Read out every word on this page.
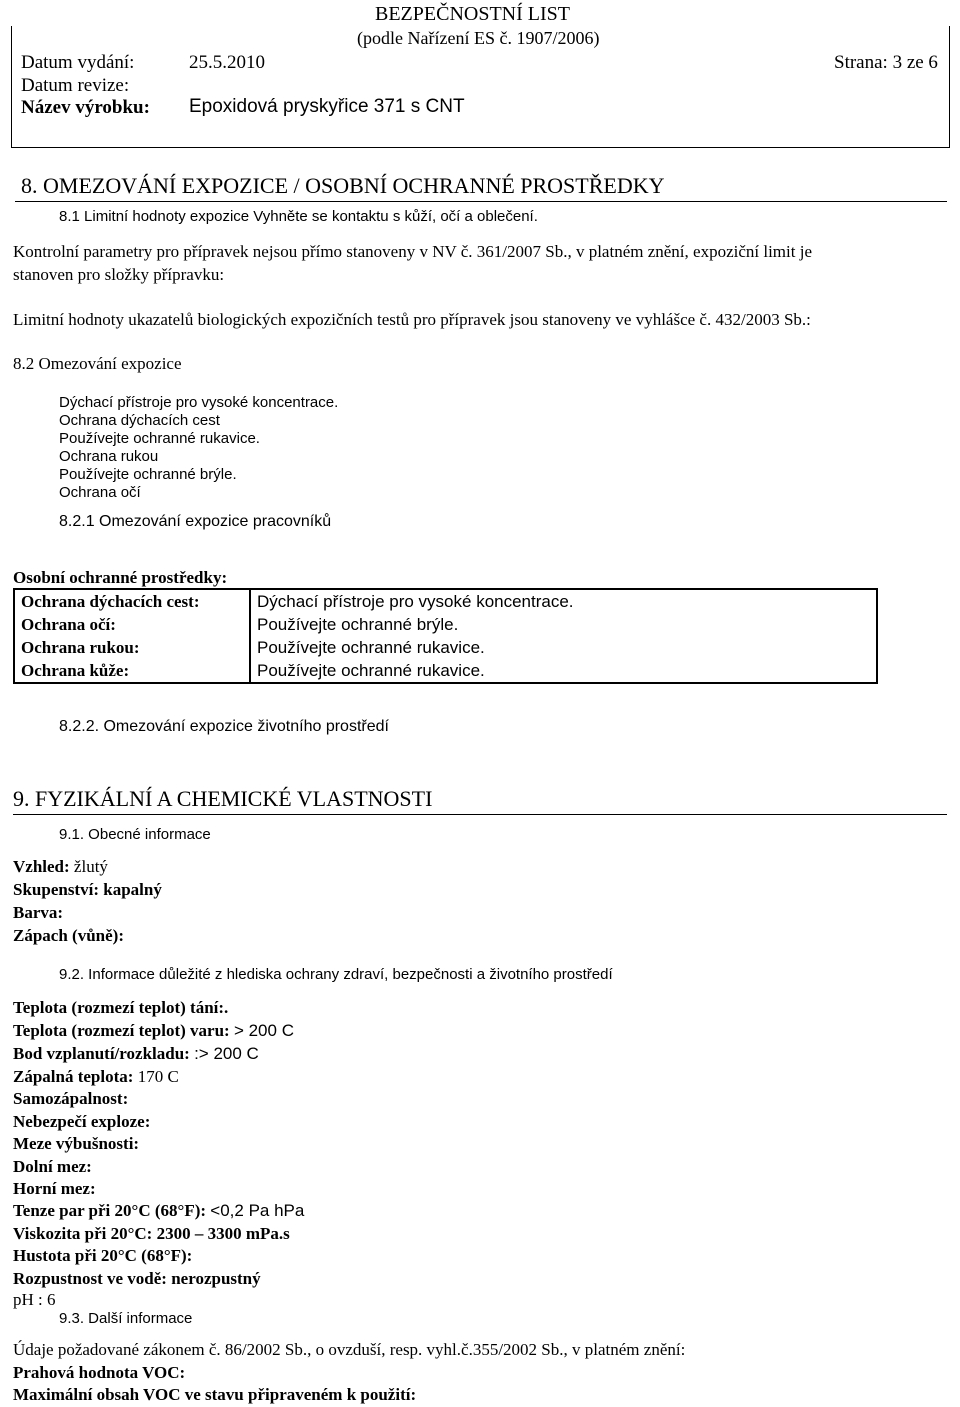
BEZPEČNOSTNÍ LIST
(podle Nařízení ES č. 1907/2006)
Datum vydání:	25.5.2010	Strana: 3 ze 6
Datum revize:
Název výrobku: Epoxidová pryskyřice 371 s CNT
8. OMEZOVÁNÍ EXPOZICE / OSOBNÍ OCHRANNÉ PROSTŘEDKY
8.1 Limitní hodnoty expozice Vyhněte se kontaktu s kůží, očí a oblečení.
Kontrolní parametry pro přípravek nejsou přímo stanoveny v NV č. 361/2007 Sb., v platném znění, expoziční limit je
stanoven pro složky přípravku:
Limitní hodnoty ukazatelů biologických expozičních testů pro přípravek jsou stanoveny ve vyhlášce č. 432/2003 Sb.:
8.2 Omezování expozice
Dýchací přístroje pro vysoké koncentrace.
Ochrana dýchacích cest
Používejte ochranné rukavice.
Ochrana rukou
Používejte ochranné brýle.
Ochrana očí
8.2.1 Omezování expozice pracovníků
Osobní ochranné prostředky:
Ochrana dýchacích cest:	Dýchací přístroje pro vysoké koncentrace.
Ochrana očí:	Používejte ochranné brýle.
Ochrana rukou:	Používejte ochranné rukavice.
Ochrana kůže:	Používejte ochranné rukavice.
8.2.2. Omezování expozice životního prostředí
9. FYZIKÁLNÍ A CHEMICKÉ VLASTNOSTI
9.1. Obecné informace
Vzhled: žlutý
Skupenství: kapalný
Barva:
Zápach (vůně):
9.2. Informace důležité z hlediska ochrany zdraví, bezpečnosti a životního prostředí
Teplota (rozmezí teplot) tání:.
Teplota (rozmezí teplot) varu: > 200 C
Bod vzplanutí/rozkladu: :> 200 C
Zápalná teplota: 170 C
Samozápalnost:
Nebezpečí exploze:
Meze výbušnosti:
Dolní mez:
Horní mez:
Tenze par při 20°C (68°F): <0,2 Pa hPa
Viskozita při 20°C: 2300 – 3300 mPa.s
Hustota při 20°C (68°F):
Rozpustnost ve vodě: nerozpustný
pH : 6
9.3. Další informace
Údaje požadované zákonem č. 86/2002 Sb., o ovzduší, resp. vyhl.č.355/2002 Sb., v platném znění:
Prahová hodnota VOC:
Maximální obsah VOC ve stavu připraveném k použití:
